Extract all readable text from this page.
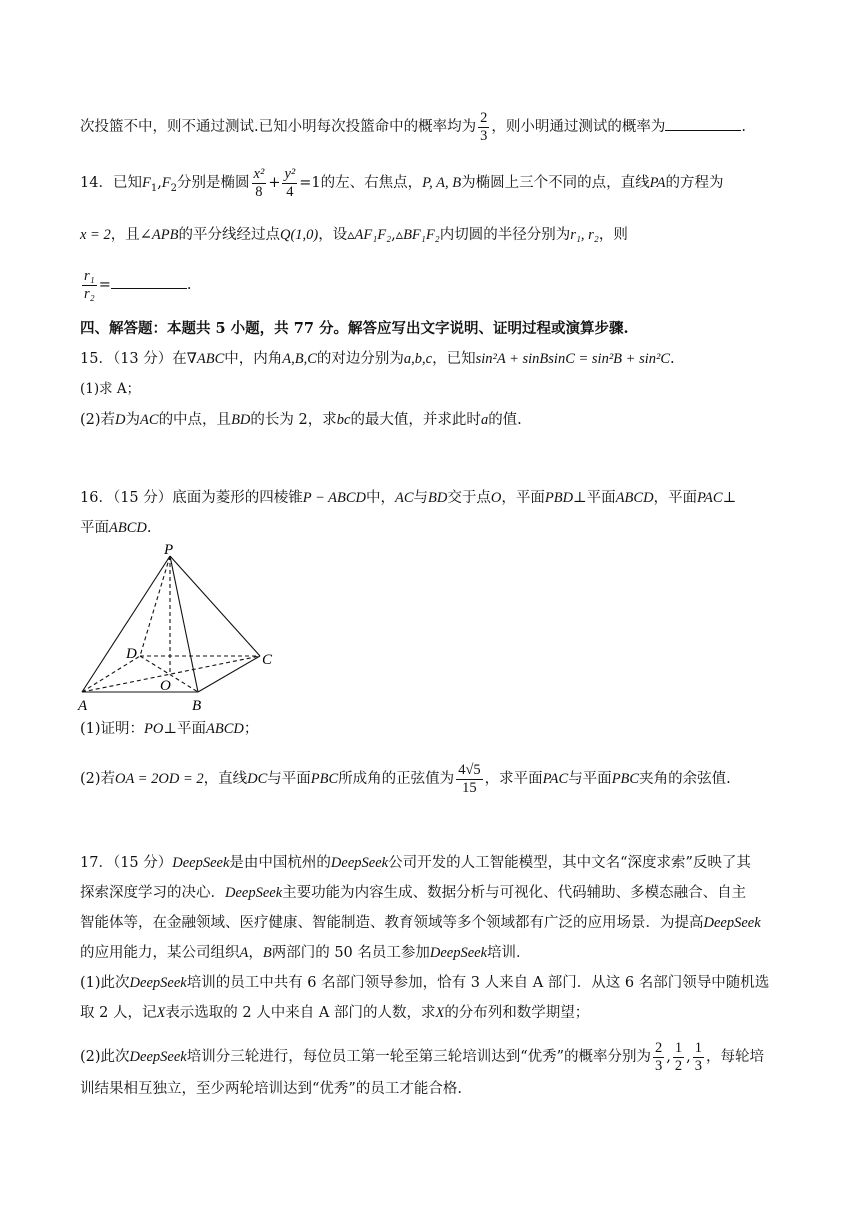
次投篮不中，则不通过测试.已知小明每次投篮命中的概率均为 $\frac{2}{3}$ ，则小明通过测试的概率为	.
14．已知$F_1,F_2$分别是椭圆 $\frac{\text{x²}}{8} + \frac{\text{y²}}{4} =1$的左、右焦点，P, A, B为椭圆上三个不同的点，直线PA的方程为
x = 2，且∠APB的平分线经过点Q(1,0)，设▵AF₁F₂,▵BF₁F₂内切圆的半径分别为r₁, r₂，则
$\frac{\text{r₁}}{\text{r₂}}$ =	.
四、解答题：本题共 5 小题，共 77 分。解答应写出文字说明、证明过程或演算步骤.
15．（13 分）在∇ABC中，内角A,B,C的对边分别为a,b,c，已知sin²A + sinBsinC = sin²B + sin²C.
(1)求 A；
(2)若D为AC的中点，且BD的长为 2，求bc的最大值，并求此时a的值.
16．（15 分）底面为菱形的四棱锥P − ABCD中，AC与BD交于点O，平面PBD⊥平面ABCD，平面PAC⊥
平面ABCD.
P
D	C
O
A	B
(1)证明：PO⊥平面ABCD；
(2)若OA = 2OD = 2，直线DC与平面PBC所成角的正弦值为 $\frac{4√5}{15}$ ，求平面PAC与平面PBC夹角的余弦值.
17．（15 分）DeepSeek是由中国杭州的DeepSeek公司开发的人工智能模型，其中文名“深度求索”反映了其
探索深度学习的决心．DeepSeek主要功能为内容生成、数据分析与可视化、代码辅助、多模态融合、自主
智能体等，在金融领域、医疗健康、智能制造、教育领域等多个领域都有广泛的应用场景．为提高DeepSeek
的应用能力，某公司组织A，B两部门的 50 名员工参加DeepSeek培训．
(1)此次DeepSeek培训的员工中共有 6 名部门领导参加，恰有 3 人来自 A 部门．从这 6 名部门领导中随机选
取 2 人，记X表示选取的 2 人中来自 A 部门的人数，求X的分布列和数学期望；
(2)此次DeepSeek培训分三轮进行，每位员工第一轮至第三轮培训达到“优秀”的概率分别为 $\frac{2}{3}$ , $\frac{1}{2}$ , $\frac{1}{3}$ ，每轮培
训结果相互独立，至少两轮培训达到“优秀”的员工才能合格.
